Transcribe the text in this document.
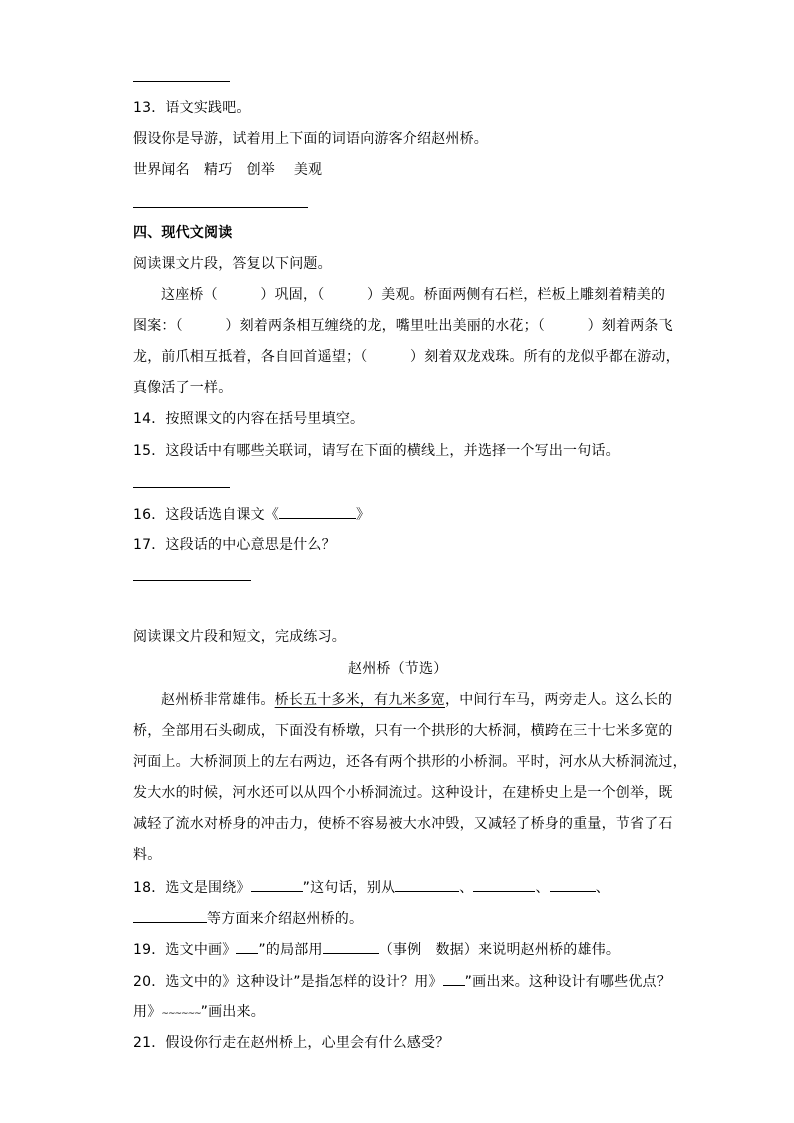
13．语文实践吧。
假设你是导游，试着用上下面的词语向游客介绍赵州桥。
世界闻名　精巧　创举　 美观
四、现代文阅读
阅读课文片段，答复以下问题。
这座桥（　　　）巩固，（　　　）美观。桥面两侧有石栏，栏板上雕刻着精美的
图案：（　　　）刻着两条相互缠绕的龙，嘴里吐出美丽的水花；（　　　）刻着两条飞
龙，前爪相互抵着，各自回首遥望；（　　　）刻着双龙戏珠。所有的龙似乎都在游动，
真像活了一样。
14．按照课文的内容在括号里填空。
15．这段话中有哪些关联词，请写在下面的横线上，并选择一个写出一句话。
16．这段话选自课文《	》
17．这段话的中心意思是什么？
阅读课文片段和短文，完成练习。
赵州桥（节选）
赵州桥非常雄伟。桥长五十多米，有九米多宽，中间行车马，两旁走人。这么长的
桥，全部用石头砌成，下面没有桥墩，只有一个拱形的大桥洞，横跨在三十七米多宽的
河面上。大桥洞顶上的左右两边，还各有两个拱形的小桥洞。平时，河水从大桥洞流过，
发大水的时候，河水还可以从四个小桥洞流过。这种设计，在建桥史上是一个创举，既
减轻了流水对桥身的冲击力，使桥不容易被大水冲毁，又减轻了桥身的重量，节省了石
料。
18．选文是围绕》	”这句话，别从	、	、	、
等方面来介绍赵州桥的。
19．选文中画》 ”的局部用	（事例　数据）来说明赵州桥的雄伟。
20．选文中的》这种设计”是指怎样的设计？用》 ”画出来。这种设计有哪些优点？
用》~~~~~~”画出来。
21．假设你行走在赵州桥上，心里会有什么感受？
